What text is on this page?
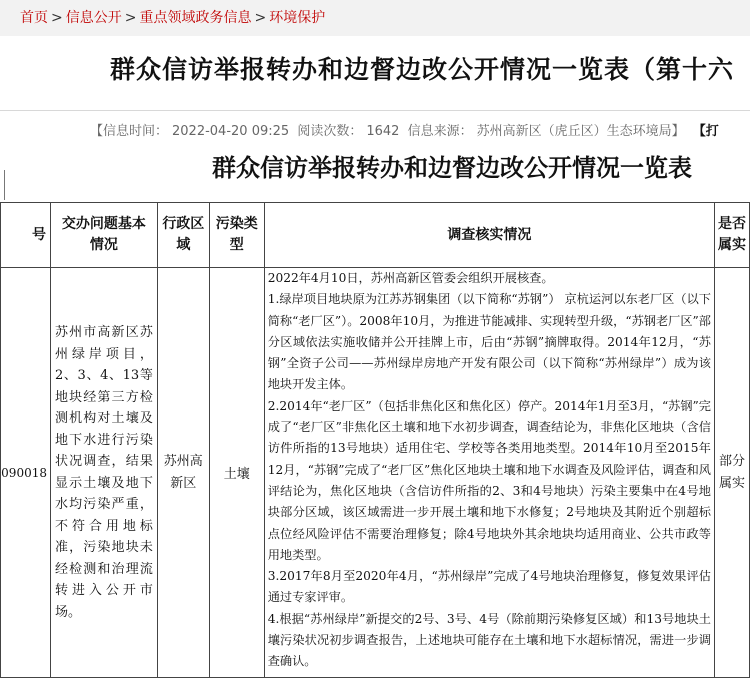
首页 > 信息公开 > 重点领域政务信息 > 环境保护
群众信访举报转办和边督边改公开情况一览表（第十六
【信息时间： 2022-04-20 09:25 阅读次数： 1642 信息来源： 苏州高新区（虎丘区）生态环境局】 【打
群众信访举报转办和边督边改公开情况一览表
号	交办问题基本情况	行政区域	污染类型	调查核实情况	是否属实
090018	苏州市高新区苏州绿岸项目，2、3、4、13等地块经第三方检测机构对土壤及地下水进行污染状况调查，结果显示土壤及地下水均污染严重，不符合用地标准，污染地块未经检测和治理流转进入公开市场。	苏州高新区	土壤	2022年4月10日，苏州高新区管委会组织开展核查。

1.绿岸项目地块原为江苏苏钢集团（以下简称“苏钢”） 京杭运河以东老厂区（以下简称“老厂区”）。2008年10月，为推进节能减排、实现转型升级，“苏钢老厂区”部分区域依法实施收储并公开挂牌上市，后由“苏钢”摘牌取得。2014年12月，“苏钢”全资子公司——苏州绿岸房地产开发有限公司（以下简称“苏州绿岸”）成为该地块开发主体。

2.2014年“老厂区”（包括非焦化区和焦化区）停产。2014年1月至3月，“苏钢”完成了“老厂区”非焦化区土壤和地下水初步调查，调查结论为，非焦化区地块（含信访件所指的13号地块）适用住宅、学校等各类用地类型。2014年10月至2015年12月，“苏钢”完成了“老厂区”焦化区地块土壤和地下水调查及风险评估，调查和风评结论为，焦化区地块（含信访件所指的2、3和4号地块）污染主要集中在4号地块部分区域，该区域需进一步开展土壤和地下水修复；2号地块及其附近个别超标点位经风险评估不需要治理修复；除4号地块外其余地块均适用商业、公共市政等用地类型。

3.2017年8月至2020年4月，“苏州绿岸”完成了4号地块治理修复，修复效果评估通过专家评审。

4.根据“苏州绿岸”新提交的2号、3号、4号（除前期污染修复区域）和13号地块土壤污染状况初步调查报告，上述地块可能存在土壤和地下水超标情况，需进一步调查确认。	部分属实
